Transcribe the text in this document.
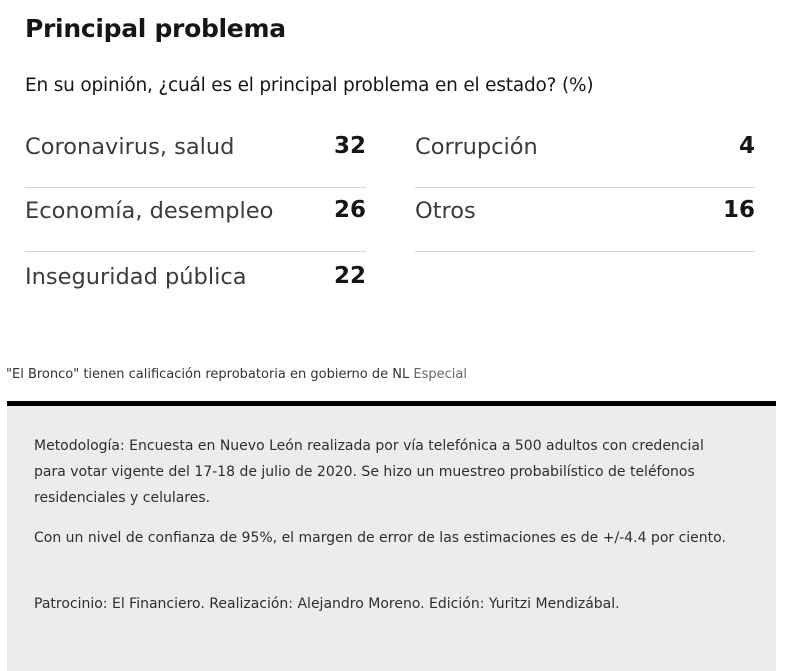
Principal problema
En su opinión, ¿cuál es el principal problema en el estado? (%)
Coronavirus, salud	32
Economía, desempleo	26
Inseguridad pública	22
Corrupción	4
Otros	16
"El Bronco" tienen calificación reprobatoria en gobierno de NL Especial

Metodología: Encuesta en Nuevo León realizada por vía telefónica a 500 adultos con credencial para votar vigente del 17-18 de julio de 2020. Se hizo un muestreo probabilístico de teléfonos residenciales y celulares.

Con un nivel de confianza de 95%, el margen de error de las estimaciones es de +/-4.4 por ciento.

Patrocinio: El Financiero. Realización: Alejandro Moreno. Edición: Yuritzi Mendizábal.
